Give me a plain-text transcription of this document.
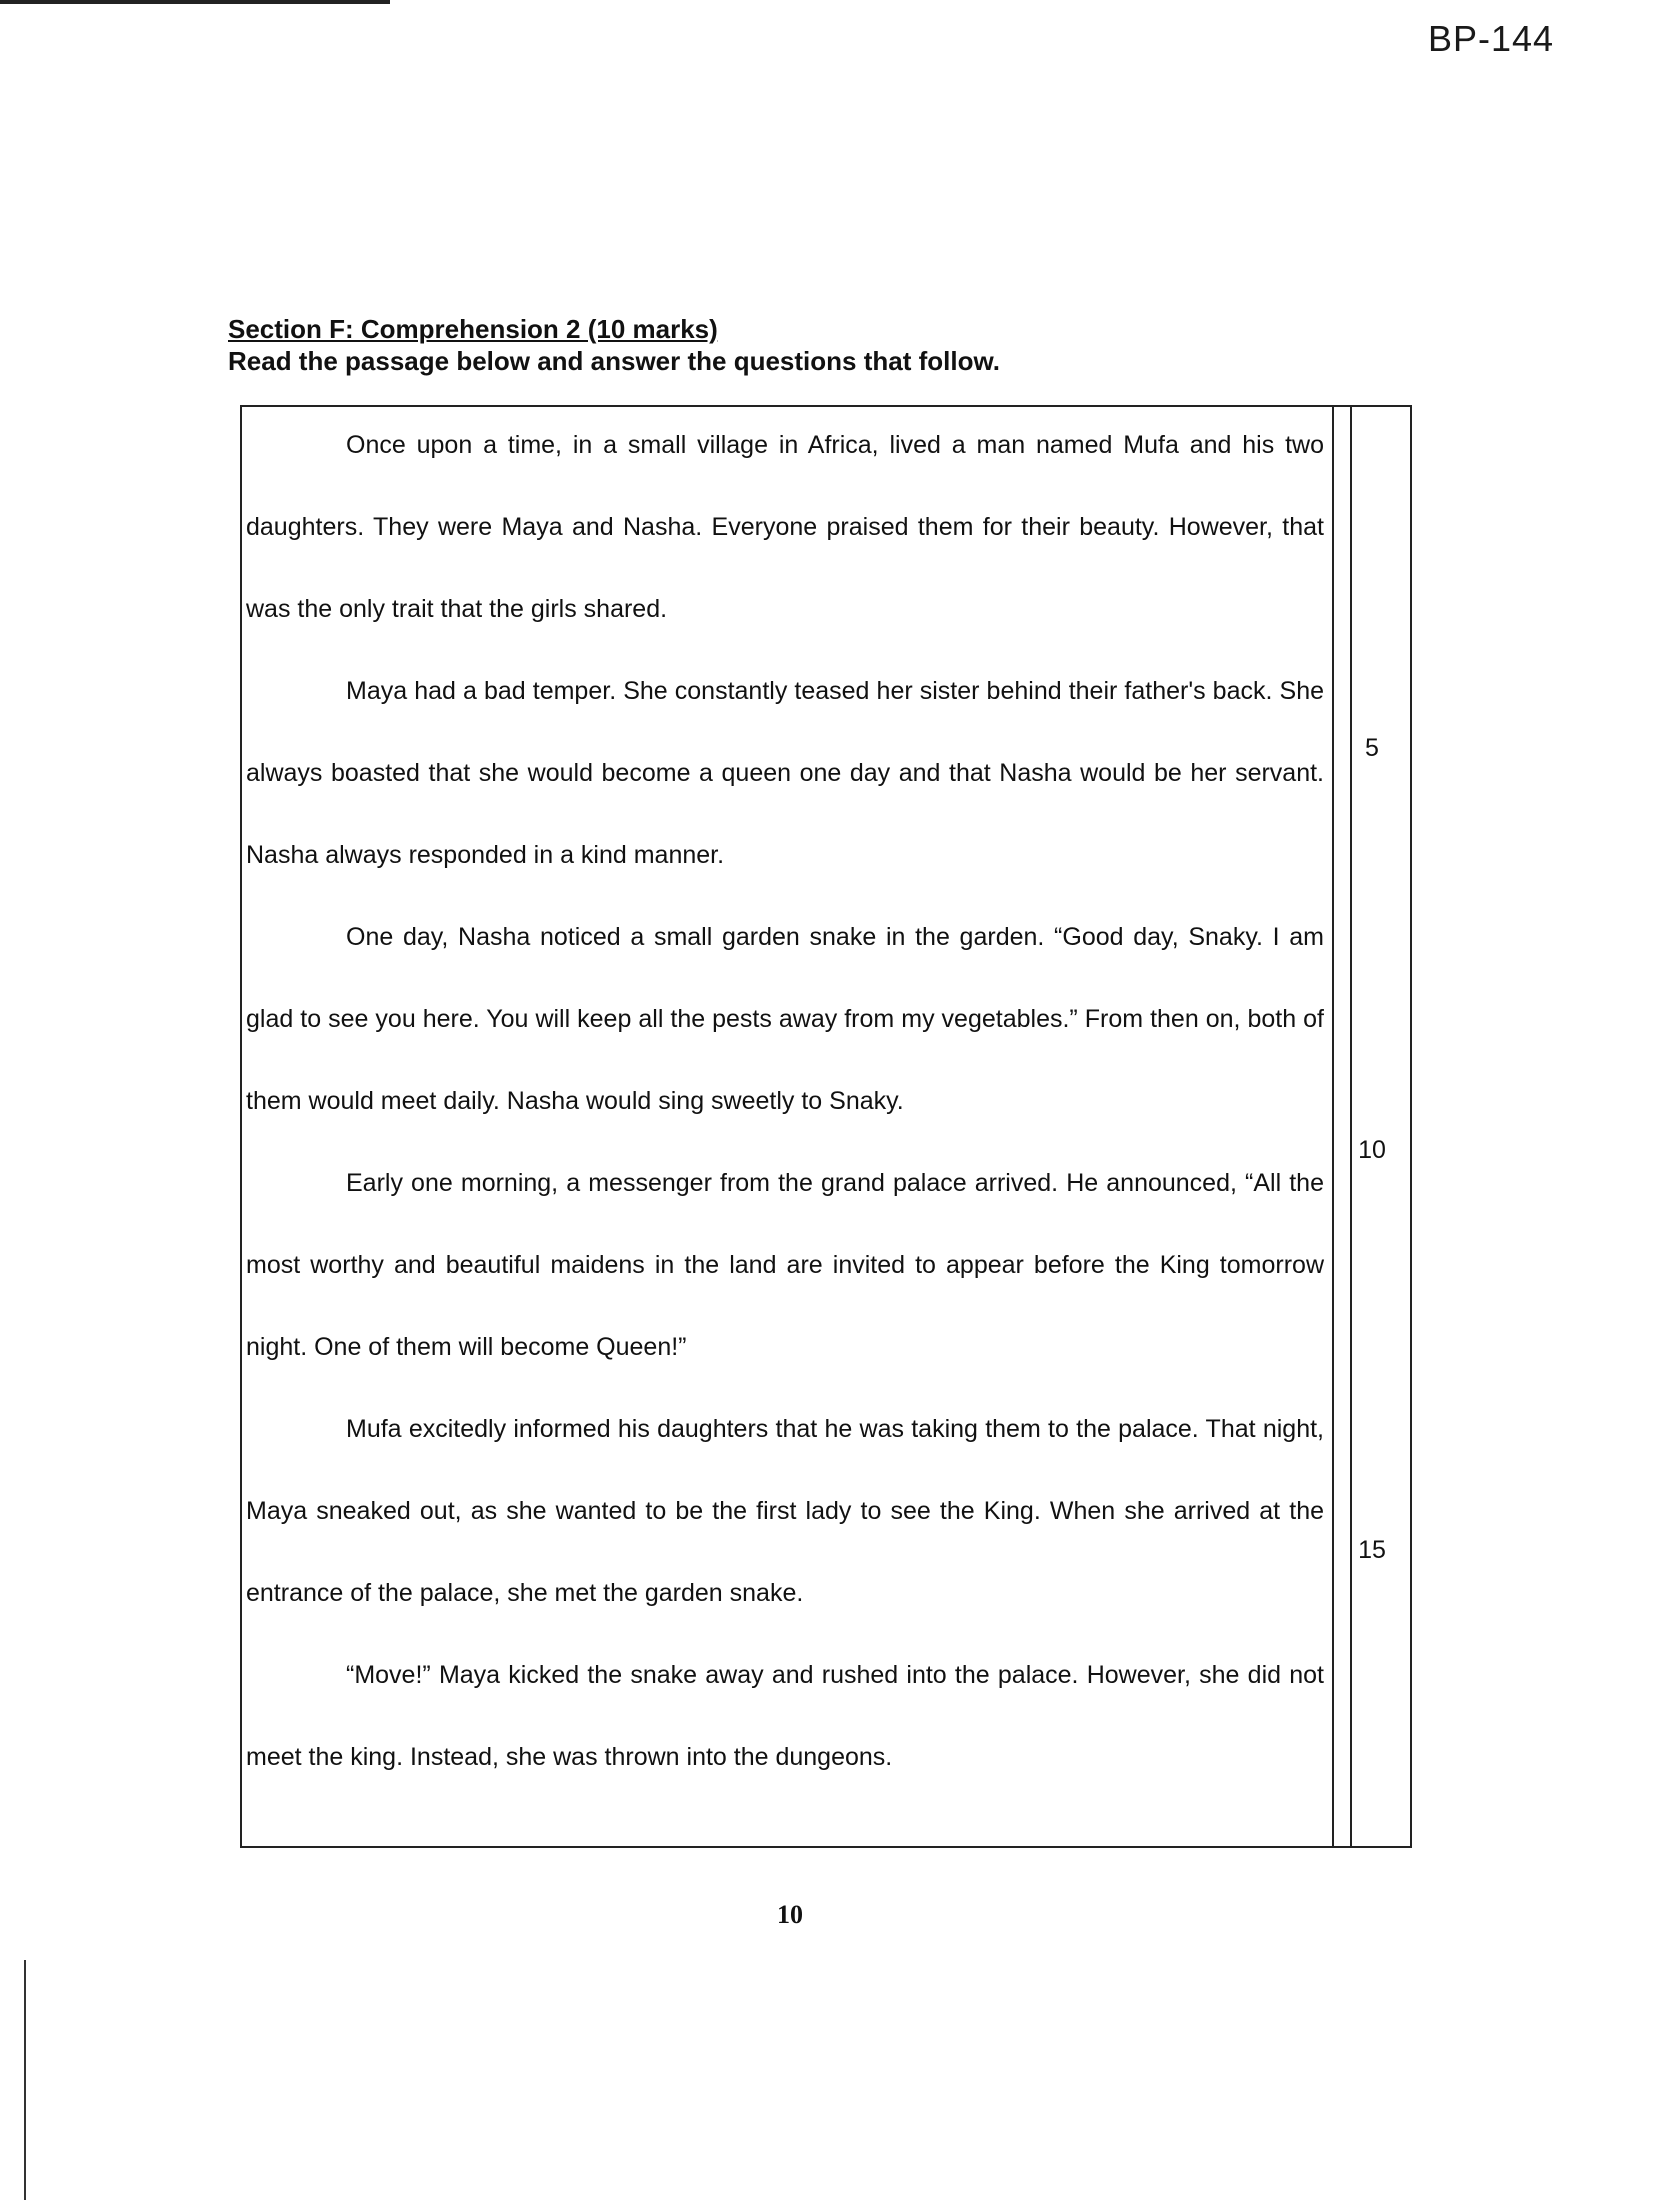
BP-144
Section F: Comprehension 2 (10 marks)
Read the passage below and answer the questions that follow.

Once upon a time, in a small village in Africa, lived a man named Mufa and his two daughters. They were Maya and Nasha. Everyone praised them for their beauty. However, that was the only trait that the girls shared.

Maya had a bad temper. She constantly teased her sister behind their father's back. She always boasted that she would become a queen one day and that Nasha would be her servant. Nasha always responded in a kind manner.

One day, Nasha noticed a small garden snake in the garden. “Good day, Snaky. I am glad to see you here. You will keep all the pests away from my vegetables.” From then on, both of them would meet daily. Nasha would sing sweetly to Snaky.

Early one morning, a messenger from the grand palace arrived. He announced, “All the most worthy and beautiful maidens in the land are invited to appear before the King tomorrow night. One of them will become Queen!”

Mufa excitedly informed his daughters that he was taking them to the palace. That night, Maya sneaked out, as she wanted to be the first lady to see the King. When she arrived at the entrance of the palace, she met the garden snake.

“Move!” Maya kicked the snake away and rushed into the palace. However, she did not meet the king. Instead, she was thrown into the dungeons.

5
10
15
10
